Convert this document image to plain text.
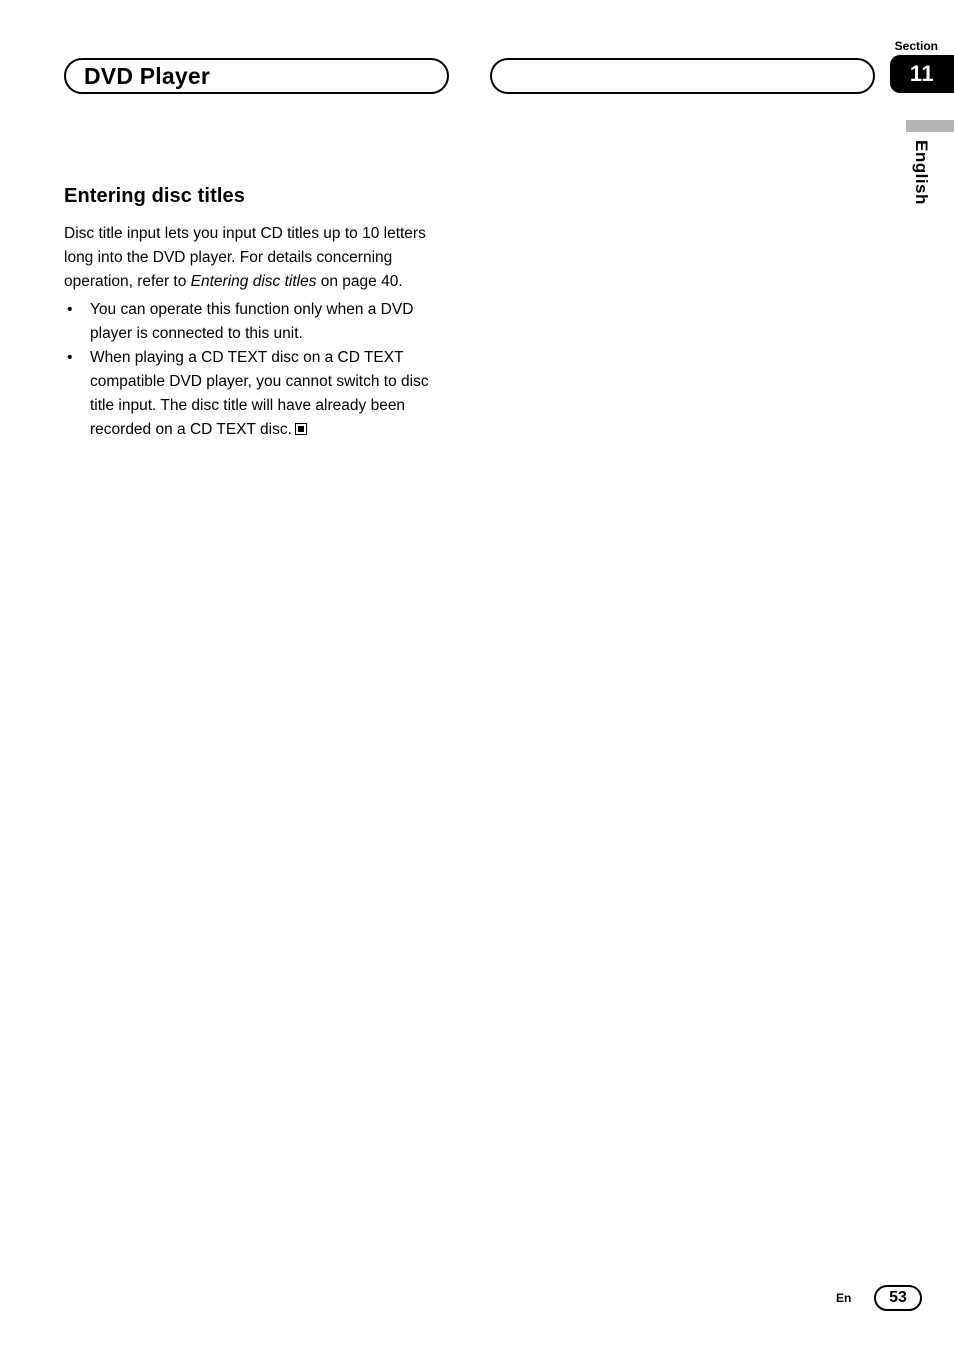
DVD Player
Section
11
English
Entering disc titles

Disc title input lets you input CD titles up to 10 letters long into the DVD player. For details concerning operation, refer to Entering disc titles on page 40.

• You can operate this function only when a DVD player is connected to this unit.
• When playing a CD TEXT disc on a CD TEXT compatible DVD player, you cannot switch to disc title input. The disc title will have already been recorded on a CD TEXT disc.
En	53
